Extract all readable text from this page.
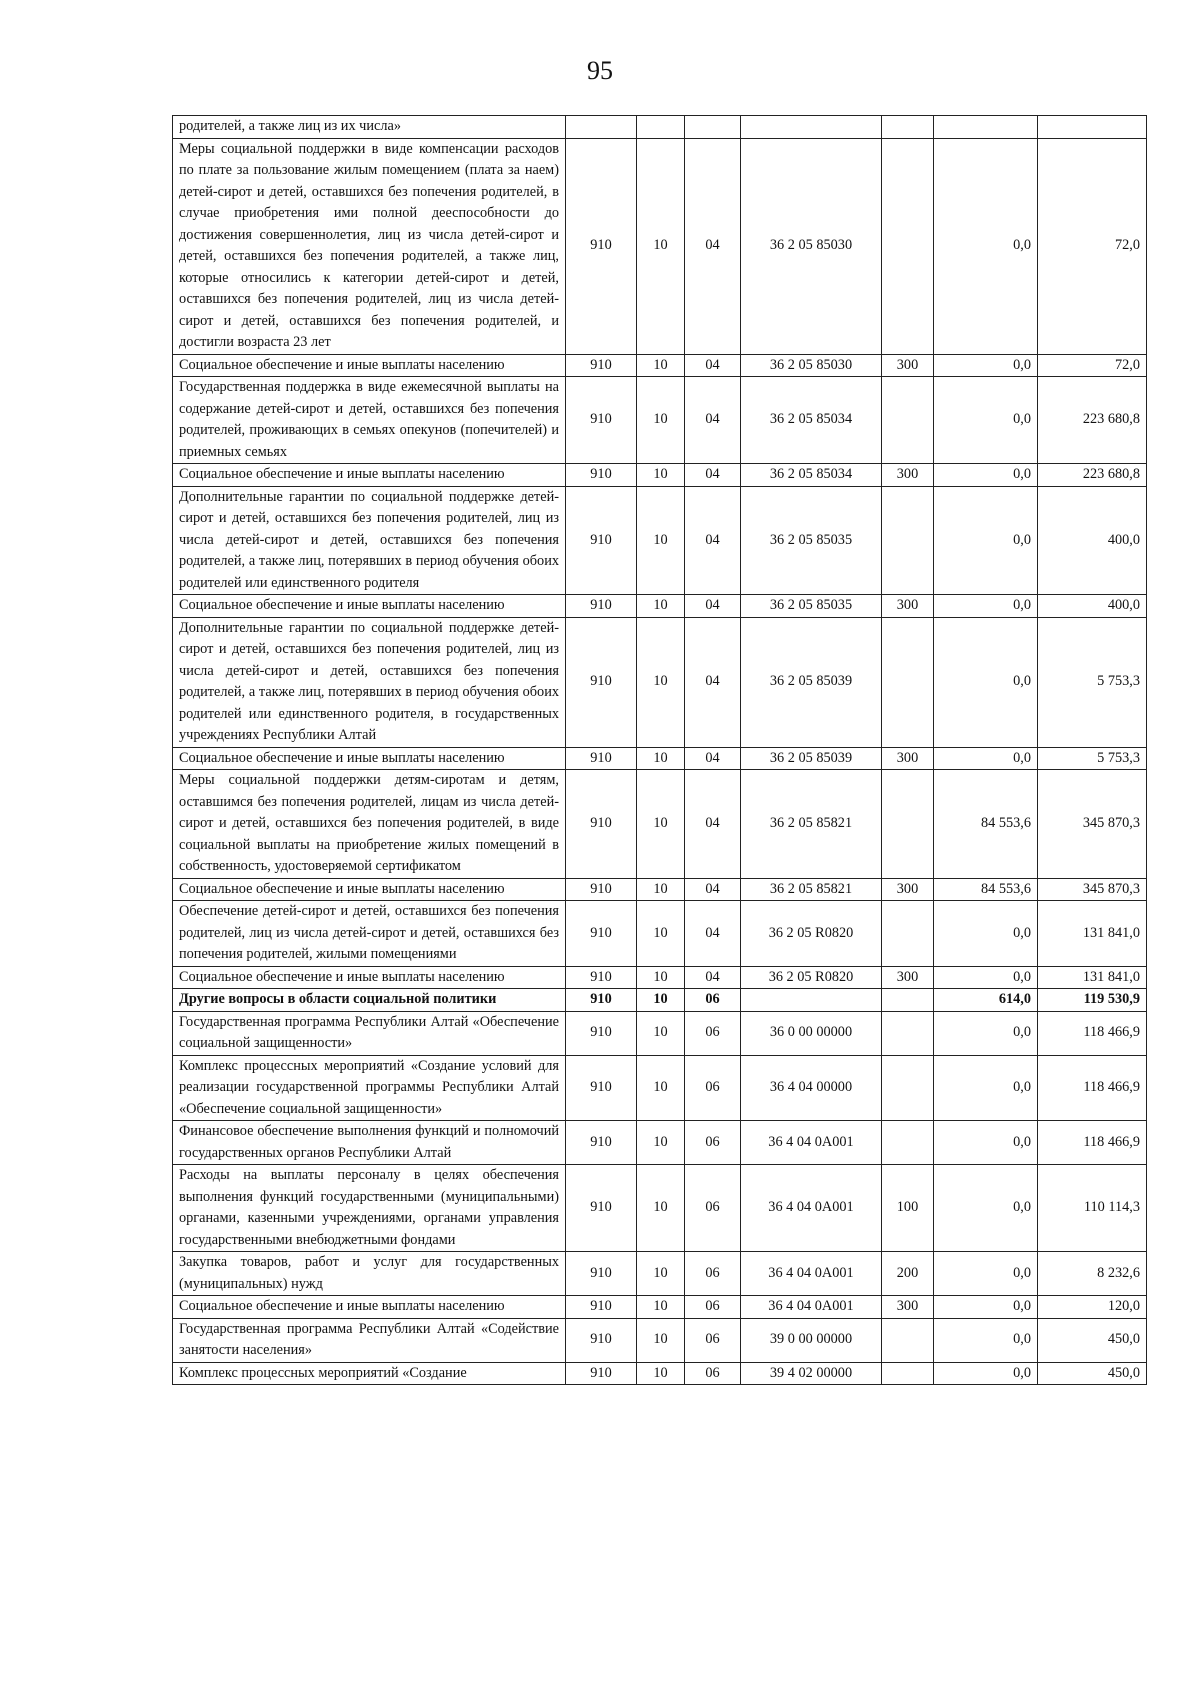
95
родителей, а также лиц из их числа»							
Меры социальной поддержки в виде компенсации расходов по плате за пользование жилым помещением (плата за наем) детей-сирот и детей, оставшихся без попечения родителей, в случае приобретения ими полной дееспособности до достижения совершеннолетия, лиц из числа детей-сирот и детей, оставшихся без попечения родителей, а также лиц, которые относились к категории детей-сирот и детей, оставшихся без попечения родителей, лиц из числа детей-сирот и детей, оставшихся без попечения родителей, и достигли возраста 23 лет	910	10	04	36 2 05 85030		0,0	72,0
Социальное обеспечение и иные выплаты населению	910	10	04	36 2 05 85030	300	0,0	72,0
Государственная поддержка в виде ежемесячной выплаты на содержание детей-сирот и детей, оставшихся без попечения родителей, проживающих в семьях опекунов (попечителей) и приемных семьях	910	10	04	36 2 05 85034		0,0	223 680,8
Социальное обеспечение и иные выплаты населению	910	10	04	36 2 05 85034	300	0,0	223 680,8
Дополнительные гарантии по социальной поддержке детей-сирот и детей, оставшихся без попечения родителей, лиц из числа детей-сирот и детей, оставшихся без попечения родителей, а также лиц, потерявших в период обучения обоих родителей или единственного родителя	910	10	04	36 2 05 85035		0,0	400,0
Социальное обеспечение и иные выплаты населению	910	10	04	36 2 05 85035	300	0,0	400,0
Дополнительные гарантии по социальной поддержке детей-сирот и детей, оставшихся без попечения родителей, лиц из числа детей-сирот и детей, оставшихся без попечения родителей, а также лиц, потерявших в период обучения обоих родителей или единственного родителя, в государственных учреждениях Республики Алтай	910	10	04	36 2 05 85039		0,0	5 753,3
Социальное обеспечение и иные выплаты населению	910	10	04	36 2 05 85039	300	0,0	5 753,3
Меры социальной поддержки детям-сиротам и детям, оставшимся без попечения родителей, лицам из числа детей-сирот и детей, оставшихся без попечения родителей, в виде социальной выплаты на приобретение жилых помещений в собственность, удостоверяемой сертификатом	910	10	04	36 2 05 85821		84 553,6	345 870,3
Социальное обеспечение и иные выплаты населению	910	10	04	36 2 05 85821	300	84 553,6	345 870,3
Обеспечение детей-сирот и детей, оставшихся без попечения родителей, лиц из числа детей-сирот и детей, оставшихся без попечения родителей, жилыми помещениями	910	10	04	36 2 05 R0820		0,0	131 841,0
Социальное обеспечение и иные выплаты населению	910	10	04	36 2 05 R0820	300	0,0	131 841,0
Другие вопросы в области социальной политики	910	10	06			614,0	119 530,9
Государственная программа Республики Алтай «Обеспечение социальной защищенности»	910	10	06	36 0 00 00000		0,0	118 466,9
Комплекс процессных мероприятий «Создание условий для реализации государственной программы Республики Алтай «Обеспечение социальной защищенности»	910	10	06	36 4 04 00000		0,0	118 466,9
Финансовое обеспечение выполнения функций и полномочий государственных органов Республики Алтай	910	10	06	36 4 04 0А001		0,0	118 466,9
Расходы на выплаты персоналу в целях обеспечения выполнения функций государственными (муниципальными) органами, казенными учреждениями, органами управления государственными внебюджетными фондами	910	10	06	36 4 04 0А001	100	0,0	110 114,3
Закупка товаров, работ и услуг для государственных (муниципальных) нужд	910	10	06	36 4 04 0А001	200	0,0	8 232,6
Социальное обеспечение и иные выплаты населению	910	10	06	36 4 04 0А001	300	0,0	120,0
Государственная программа Республики Алтай «Содействие занятости населения»	910	10	06	39 0 00 00000		0,0	450,0
Комплекс процессных мероприятий «Создание	910	10	06	39 4 02 00000		0,0	450,0
